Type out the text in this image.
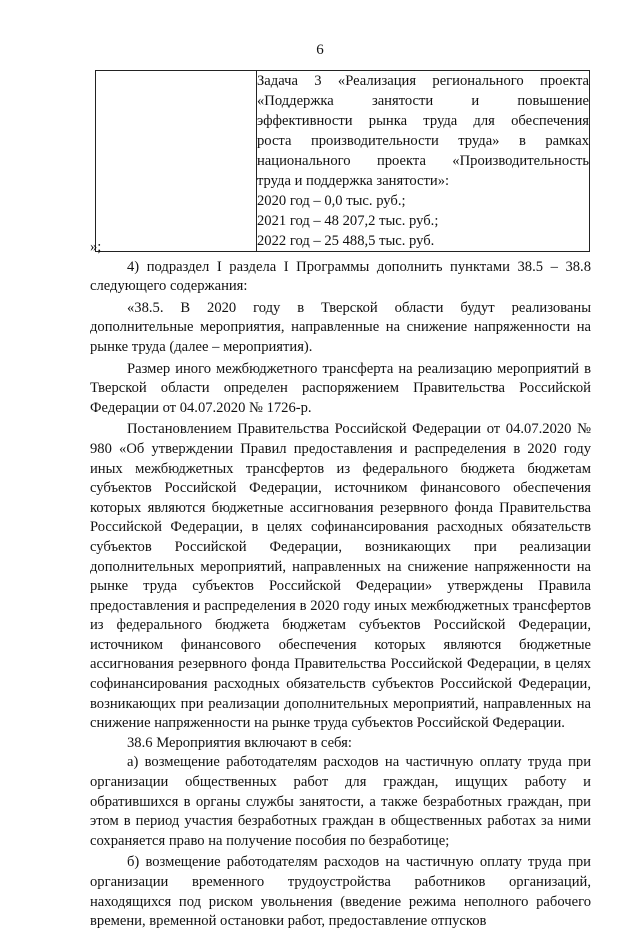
6

Задача 3 «Реализация регионального проекта
«Поддержка занятости и повышение
эффективности рынка труда для обеспечения
роста производительности труда» в рамках
национального проекта «Производительность
труда и поддержка занятости»:
2020 год – 0,0 тыс. руб.;
2021 год – 48 207,2 тыс. руб.;
2022 год – 25 488,5 тыс. руб.

»;

4) подраздел I раздела I Программы дополнить пунктами 38.5 – 38.8 следующего содержания:

«38.5. В 2020 году в Тверской области будут реализованы дополнительные мероприятия, направленные на снижение напряженности на рынке труда (далее – мероприятия).

Размер иного межбюджетного трансферта на реализацию мероприятий в Тверской области определен распоряжением Правительства Российской Федерации от 04.07.2020 № 1726-р.

Постановлением Правительства Российской Федерации от 04.07.2020 № 980 «Об утверждении Правил предоставления и распределения в 2020 году иных межбюджетных трансфертов из федерального бюджета бюджетам субъектов Российской Федерации, источником финансового обеспечения которых являются бюджетные ассигнования резервного фонда Правительства Российской Федерации, в целях софинансирования расходных обязательств субъектов Российской Федерации, возникающих при реализации дополнительных мероприятий, направленных на снижение напряженности на рынке труда субъектов Российской Федерации» утверждены Правила предоставления и распределения в 2020 году иных межбюджетных трансфертов из федерального бюджета бюджетам субъектов Российской Федерации, источником финансового обеспечения которых являются бюджетные ассигнования резервного фонда Правительства Российской Федерации, в целях софинансирования расходных обязательств субъектов Российской Федерации, возникающих при реализации дополнительных мероприятий, направленных на снижение напряженности на рынке труда субъектов Российской Федерации.

38.6 Мероприятия включают в себя:

а) возмещение работодателям расходов на частичную оплату труда при организации общественных работ для граждан, ищущих работу и обратившихся в органы службы занятости, а также безработных граждан, при этом в период участия безработных граждан в общественных работах за ними сохраняется право на получение пособия по безработице;

б) возмещение работодателям расходов на частичную оплату труда при организации временного трудоустройства работников организаций, находящихся под риском увольнения (введение режима неполного рабочего времени, временной остановки работ, предоставление отпусков
